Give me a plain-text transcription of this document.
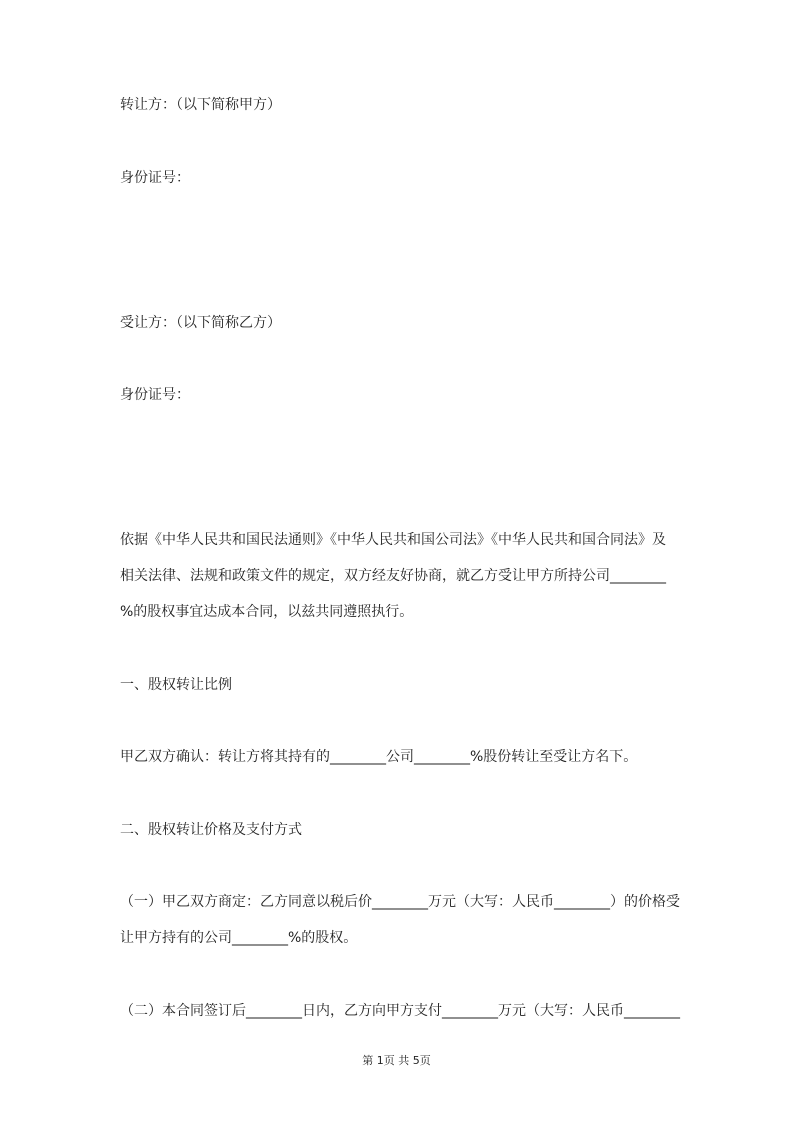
转让方：（以下简称甲方）
身份证号：
受让方：（以下简称乙方）
身份证号：
依据《中华人民共和国民法通则》《中华人民共和国公司法》《中华人民共和国合同法》及
相关法律、法规和政策文件的规定，双方经友好协商，就乙方受让甲方所持公司________
%的股权事宜达成本合同，以兹共同遵照执行。
一、股权转让比例
甲乙双方确认：转让方将其持有的________公司________%股份转让至受让方名下。
二、股权转让价格及支付方式
（一）甲乙双方商定：乙方同意以税后价________万元（大写：人民币________）的价格受
让甲方持有的公司________%的股权。
（二）本合同签订后________日内，乙方向甲方支付________万元（大写：人民币________
第 1页 共 5页
